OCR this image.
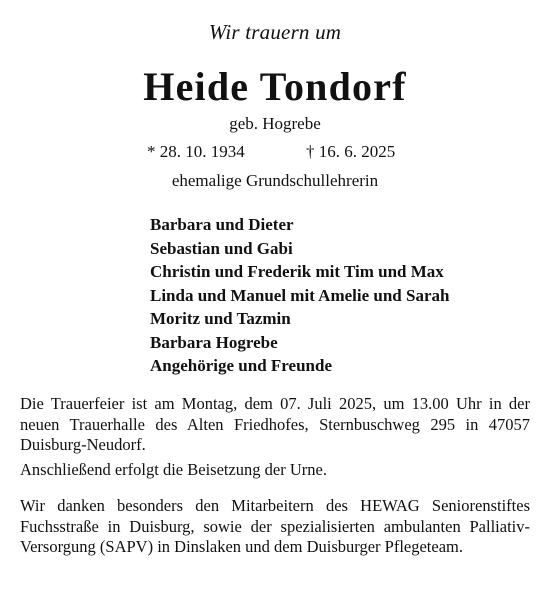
Wir trauern um
Heide Tondorf
geb. Hogrebe
* 28. 10. 1934	† 16. 6. 2025
ehemalige Grundschullehrerin
Barbara und Dieter
Sebastian und Gabi
Christin und Frederik mit Tim und Max
Linda und Manuel mit Amelie und Sarah
Moritz und Tazmin
Barbara Hogrebe
Angehörige und Freunde

Die Trauerfeier ist am Montag, dem 07. Juli 2025, um 13.00 Uhr in der neuen Trauerhalle des Alten Friedhofes, Sternbuschweg 295 in 47057 Duisburg-Neudorf.

Anschließend erfolgt die Beisetzung der Urne.

Wir danken besonders den Mitarbeitern des HEWAG Seniorenstiftes Fuchsstraße in Duisburg, sowie der spezialisierten ambulanten Palliativ-Versorgung (SAPV) in Dinslaken und dem Duisburger Pflegeteam.
